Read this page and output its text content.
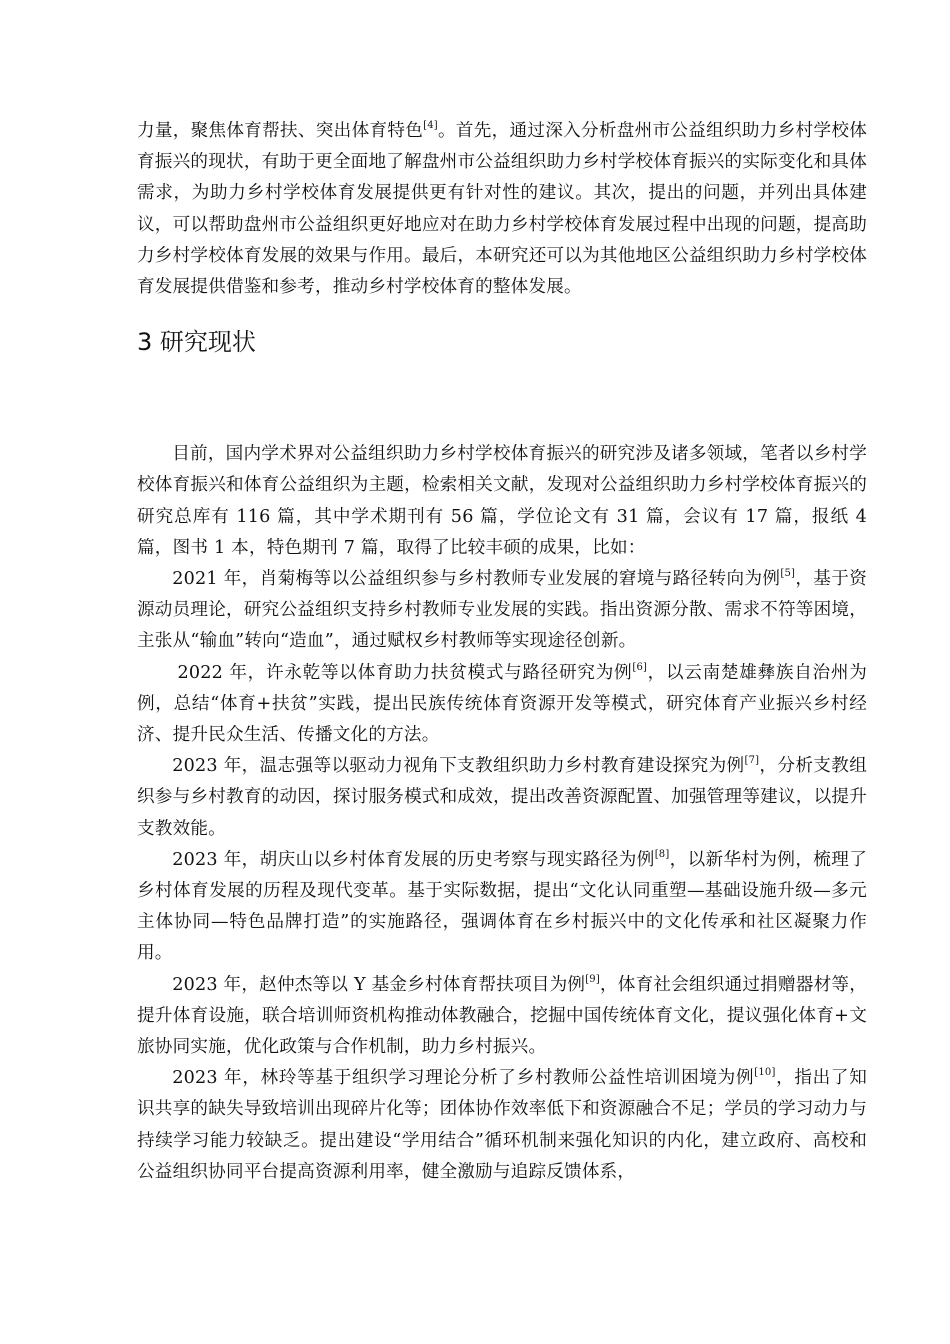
力量，聚焦体育帮扶、突出体育特色[4]。首先，通过深入分析盘州市公益组织助力乡村学校体育振兴的现状，有助于更全面地了解盘州市公益组织助力乡村学校体育振兴的实际变化和具体需求，为助力乡村学校体育发展提供更有针对性的建议。其次，提出的问题，并列出具体建议，可以帮助盘州市公益组织更好地应对在助力乡村学校体育发展过程中出现的问题，提高助力乡村学校体育发展的效果与作用。最后，本研究还可以为其他地区公益组织助力乡村学校体育发展提供借鉴和参考，推动乡村学校体育的整体发展。

3 研究现状

目前，国内学术界对公益组织助力乡村学校体育振兴的研究涉及诸多领域，笔者以乡村学校体育振兴和体育公益组织为主题，检索相关文献，发现对公益组织助力乡村学校体育振兴的研究总库有 116 篇，其中学术期刊有 56 篇，学位论文有 31 篇，会议有 17 篇，报纸 4 篇，图书 1 本，特色期刊 7 篇，取得了比较丰硕的成果，比如：

2021 年，肖菊梅等以公益组织参与乡村教师专业发展的窘境与路径转向为例[5]，基于资源动员理论，研究公益组织支持乡村教师专业发展的实践。指出资源分散、需求不符等困境，主张从“输血”转向“造血”，通过赋权乡村教师等实现途径创新。

2022 年，许永乾等以体育助力扶贫模式与路径研究为例[6]，以云南楚雄彝族自治州为例，总结“体育+扶贫”实践，提出民族传统体育资源开发等模式，研究体育产业振兴乡村经济、提升民众生活、传播文化的方法。

2023 年，温志强等以驱动力视角下支教组织助力乡村教育建设探究为例[7]，分析支教组织参与乡村教育的动因，探讨服务模式和成效，提出改善资源配置、加强管理等建议，以提升支教效能。

2023 年，胡庆山以乡村体育发展的历史考察与现实路径为例[8]，以新华村为例，梳理了乡村体育发展的历程及现代变革。基于实际数据，提出“文化认同重塑—基础设施升级—多元主体协同—特色品牌打造”的实施路径，强调体育在乡村振兴中的文化传承和社区凝聚力作用。

2023 年，赵仲杰等以 Y 基金乡村体育帮扶项目为例[9]，体育社会组织通过捐赠器材等，提升体育设施，联合培训师资机构推动体教融合，挖掘中国传统体育文化，提议强化体育+文旅协同实施，优化政策与合作机制，助力乡村振兴。

2023 年，林玲等基于组织学习理论分析了乡村教师公益性培训困境为例[10]，指出了知识共享的缺失导致培训出现碎片化等；团体协作效率低下和资源融合不足；学员的学习动力与持续学习能力较缺乏。提出建设“学用结合”循环机制来强化知识的内化，建立政府、高校和公益组织协同平台提高资源利用率，健全激励与追踪反馈体系，
